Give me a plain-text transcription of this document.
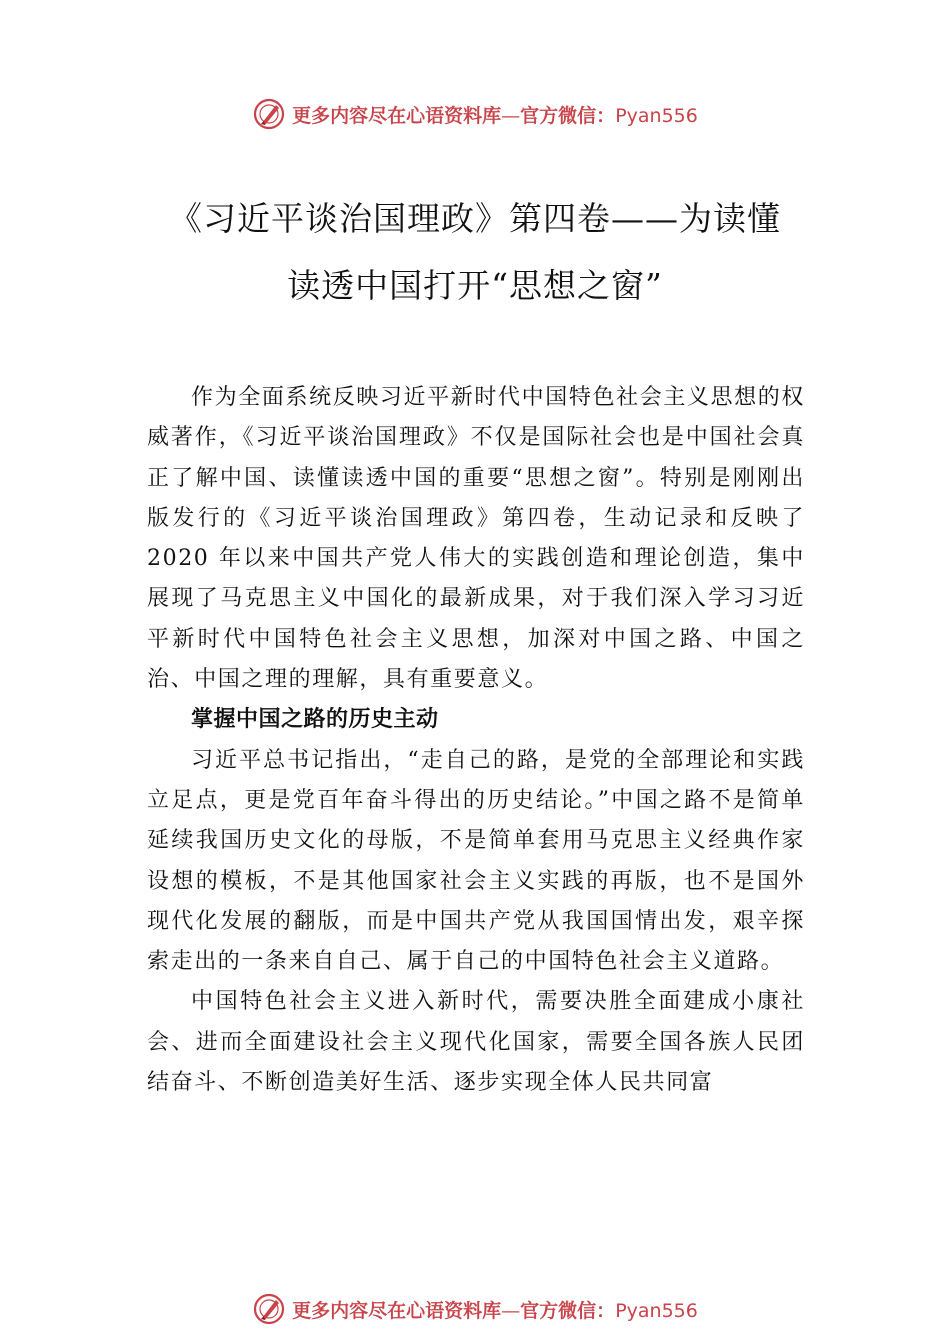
更多内容尽在心语资料库—官方微信：Pyan556
《习近平谈治国理政》第四卷——为读懂
读透中国打开“思想之窗”

作为全面系统反映习近平新时代中国特色社会主义思想的权威著作，《习近平谈治国理政》不仅是国际社会也是中国社会真正了解中国、读懂读透中国的重要“思想之窗”。特别是刚刚出版发行的《习近平谈治国理政》第四卷，生动记录和反映了 2020 年以来中国共产党人伟大的实践创造和理论创造，集中展现了马克思主义中国化的最新成果，对于我们深入学习习近平新时代中国特色社会主义思想，加深对中国之路、中国之治、中国之理的理解，具有重要意义。

掌握中国之路的历史主动

习近平总书记指出，“走自己的路，是党的全部理论和实践立足点，更是党百年奋斗得出的历史结论。”中国之路不是简单延续我国历史文化的母版，不是简单套用马克思主义经典作家设想的模板，不是其他国家社会主义实践的再版，也不是国外现代化发展的翻版，而是中国共产党从我国国情出发，艰辛探索走出的一条来自自己、属于自己的中国特色社会主义道路。

中国特色社会主义进入新时代，需要决胜全面建成小康社会、进而全面建设社会主义现代化国家，需要全国各族人民团结奋斗、不断创造美好生活、逐步实现全体人民共同富

更多内容尽在心语资料库—官方微信：Pyan556
